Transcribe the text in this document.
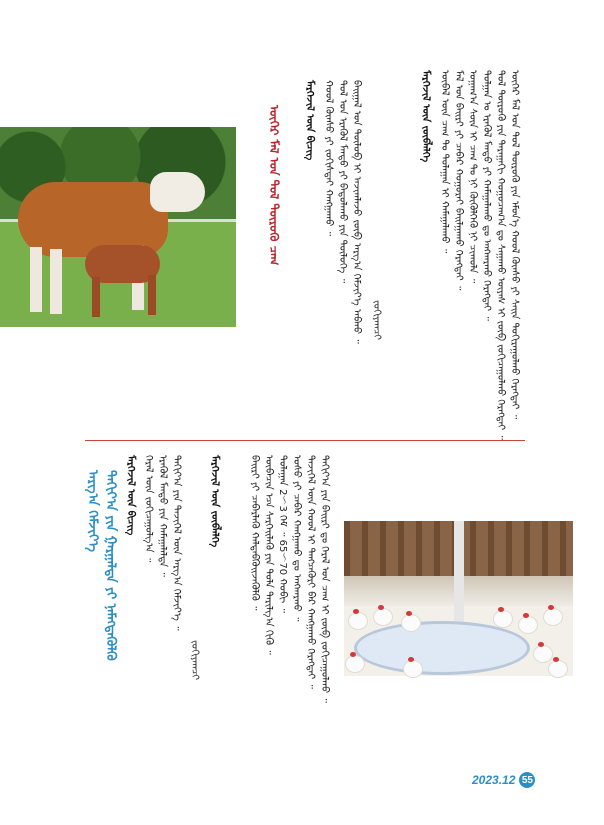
ᠮᠡᠷᠭᠡᠵᠢᠯ ᠦᠨ ᠵᠥᠪᠯᠡᠯᠭᠡ	ᠦᠬᠡᠷ ᠮᠠᠯ ᠤᠨ ᠲᠤᠯ ᠲᠥᠷᠦᠬᠦ ᠶᠢᠨ ᠡᠮᠦᠨ᠎ᠡ ᠬᠣᠣᠯ ᠬᠦᠨᠰᠦ ᠶᠢ ᠰᠠᠢᠨ ᠲᠣᠬᠢᠷᠠᠭᠤᠯᠬᠤ ᠬᠡᠷᠡᠭᠲᠡᠢ ᠃
ᠲᠣᠯ ᠲᠥᠷᠦᠬᠦ ᠶᠢᠨ ᠳᠠᠷᠠᠭᠠᠬᠢ ᠬᠤᠭᠤᠴᠠᠭ᠎ᠠ ᠳᠤ ᠰᠠᠭᠠᠬᠤ ᠦᠶᠡᠰ ᠢ ᠵᠥᠪ ᠵᠣᠬᠢᠴᠠᠭᠤᠯᠬᠤ ᠬᠡᠷᠡᠭᠲᠡᠢ ᠃
ᠲᠤᠯᠭᠠᠨ ᠤ ᠡᠷᠡᠭᠦᠯ ᠮᠡᠨᠳᠦ ᠶᠢ ᠬᠠᠮᠠᠭᠠᠯᠠᠬᠤ ᠳᠤ ᠠᠩᠬᠠᠷᠬᠤ ᠬᠡᠷᠡᠭᠲᠡᠢ ᠃
ᠤᠭᠠᠭ᠎ᠠ ᠰᠦᠨ ᠢ ᠴᠠᠭ ᠲᠤ ᠨᠢ ᠬᠥᠬᠦᠯᠭᠡᠬᠦ ᠨᠢ ᠴᠢᠬᠤᠯᠠ ᠃
ᠮᠠᠯ ᠤᠨ ᠪᠠᠢᠷᠢ ᠶᠢ ᠴᠡᠪᠡᠷ ᠬᠤᠭᠤᠷᠠᠢ ᠪᠠᠢᠯᠭᠠᠬᠤ ᠬᠡᠷᠡᠭᠲᠡᠢ ᠃
ᠥᠪᠡᠯ ᠦᠨ ᠴᠠᠭ ᠲᠤ ᠳᠤᠯᠠᠭᠠᠨ ᠢ ᠬᠠᠮᠠᠭᠠᠯᠠᠬᠤ ᠃
ᠵᠣᠬᠢᠶᠠᠭᠴᠢ
ᠪᠠᠢᠭᠠᠯ ᠤᠨ ᠲᠥᠯᠦᠪ ᠢ ᠠᠵᠢᠭᠯᠠᠵᠤ ᠵᠥᠪ ᠠᠷᠭ᠎ᠠ ᠬᠡᠮᠵᠢᠶ᠎ᠡ ᠠᠪᠬᠤ ᠃
ᠲᠤᠯ ᠤᠨ ᠡᠷᠡᠭᠦᠯ ᠮᠡᠨᠳᠦ ᠶᠢ ᠪᠠᠲᠤᠯᠠᠬᠤ ᠶᠢᠨ ᠲᠥᠯᠦᠭᠡ ᠃
ᠬᠣᠣᠯ ᠬᠦᠨᠰᠦ ᠶᠢ ᠵᠣᠬᠢᠰᠲᠠᠢ ᠬᠠᠩᠭᠠᠬᠤ ᠃
ᠮᠡᠷᠭᠡᠵᠢᠯ ᠦᠨ ᠪᠢᠴᠢᠭ
ᠦᠬᠡᠷ ᠮᠠᠯ ᠤᠨ ᠲᠤᠯ ᠲᠥᠷᠦᠬᠦ ᠴᠠᠭ
ᠲᠠᠬᠢᠶ᠎ᠠ ᠶᠢᠨ ᠪᠠᠢᠷᠢ ᠳᠤ ᠭᠡᠷᠡᠯ ᠤᠨ ᠴᠠᠭ ᠢ ᠵᠥᠪ ᠵᠣᠬᠢᠴᠠᠭᠤᠯᠬᠤ ᠃
ᠲᠡᠵᠢᠭᠡᠯ ᠦᠨ ᠬᠣᠣᠯ ᠢ ᠲᠡᠩᠴᠡᠭᠦᠷᠢ ᠪᠠᠷ ᠬᠠᠩᠭᠠᠬᠤ ᠬᠡᠷᠡᠭᠲᠡᠢ ᠃
ᠤᠰᠤ ᠶᠢ ᠴᠡᠪᠡᠷ ᠬᠠᠩᠭᠠᠬᠤ ᠳᠤ ᠠᠩᠬᠠᠷᠬᠤ ᠃
ᠳᠤᠯᠠᠭᠠᠨ 2～3 ᠬᠡᠮ ᠃ 65～70 ᠬᠤᠪᠢ ᠃
ᠥᠪᠡᠴᠢᠨ ᠡᠴᠡ ᠰᠡᠷᠭᠡᠢᠯᠡᠬᠦ ᠶᠢᠨ ᠲᠤᠯᠠ ᠲᠠᠷᠢᠯᠭ᠎ᠠ ᠬᠢᠬᠦ ᠃
ᠪᠠᠢᠷᠢ ᠶᠢ ᠴᠡᠪᠡᠷᠯᠡᠬᠦ ᠬᠠᠯᠳᠠᠪᠭᠦᠢᠵᠡᠭᠦᠯᠬᠦ ᠃
ᠮᠡᠷᠭᠡᠵᠢᠯ ᠦᠨ ᠵᠥᠪᠯᠡᠯᠭᠡ
ᠵᠣᠬᠢᠶᠠᠭᠴᠢ
ᠲᠠᠬᠢᠶ᠎ᠠ ᠶᠢᠨ ᠲᠡᠵᠢᠭᠡᠯ ᠦᠨ ᠠᠷᠭ᠎ᠠ ᠬᠡᠮᠵᠢᠶ᠎ᠡ ᠃
ᠡᠷᠡᠭᠦᠯ ᠮᠡᠨᠳᠦ ᠶᠢᠨ ᠬᠠᠮᠠᠭᠠᠯᠠᠯᠲᠠ ᠃
ᠭᠡᠷᠡᠯ ᠦᠨ ᠵᠣᠬᠢᠴᠠᠭᠤᠯᠭ᠎ᠠ ᠃
ᠮᠡᠷᠭᠡᠵᠢᠯ ᠦᠨ ᠪᠢᠴᠢᠭ
ᠲᠠᠬᠢᠶ᠎ᠠ ᠶᠢᠨ ᠭᠠᠷᠭᠠᠯᠲᠠ ᠶᠢ ᠨᠡᠮᠡᠭᠳᠡᠭᠦᠯᠬᠦ
ᠠᠷᠭ᠎ᠠ ᠬᠡᠮᠵᠢᠶ᠎ᠡ
2023.12 55
